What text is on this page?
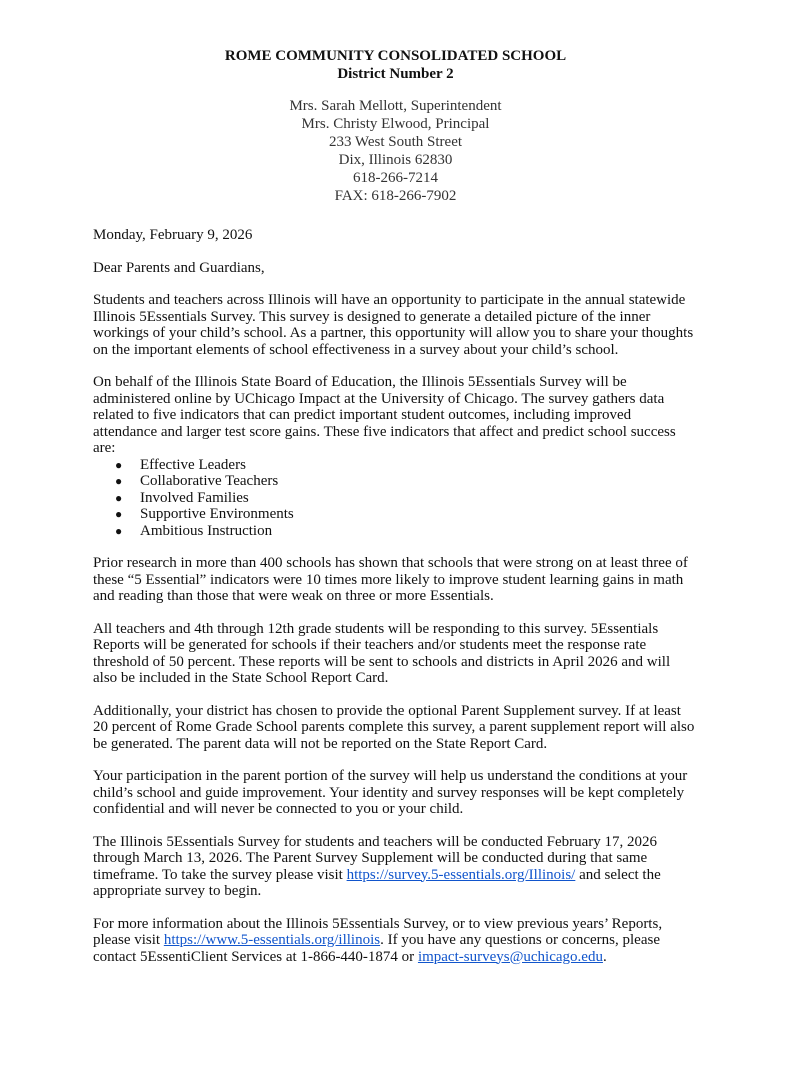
ROME COMMUNITY CONSOLIDATED SCHOOL

District Number 2

Mrs. Sarah Mellott, Superintendent
Mrs. Christy Elwood, Principal
233 West South Street
Dix, Illinois 62830
618-266-7214
FAX: 618-266-7902

Monday, February 9, 2026

Dear Parents and Guardians,

Students and teachers across Illinois will have an opportunity to participate in the annual statewide Illinois 5Essentials Survey. This survey is designed to generate a detailed picture of the inner workings of your child’s school. As a partner, this opportunity will allow you to share your thoughts on the important elements of school effectiveness in a survey about your child’s school.

On behalf of the Illinois State Board of Education, the Illinois 5Essentials Survey will be administered online by UChicago Impact at the University of Chicago. The survey gathers data related to five indicators that can predict important student outcomes, including improved attendance and larger test score gains. These five indicators that affect and predict school success are:

● Effective Leaders
● Collaborative Teachers
● Involved Families
● Supportive Environments
● Ambitious Instruction

Prior research in more than 400 schools has shown that schools that were strong on at least three of these “5 Essential” indicators were 10 times more likely to improve student learning gains in math and reading than those that were weak on three or more Essentials.

All teachers and 4th through 12th grade students will be responding to this survey. 5Essentials Reports will be generated for schools if their teachers and/or students meet the response rate threshold of 50 percent. These reports will be sent to schools and districts in April 2026 and will also be included in the State School Report Card.

Additionally, your district has chosen to provide the optional Parent Supplement survey. If at least 20 percent of Rome Grade School parents complete this survey, a parent supplement report will also be generated. The parent data will not be reported on the State Report Card.

Your participation in the parent portion of the survey will help us understand the conditions at your child’s school and guide improvement. Your identity and survey responses will be kept completely confidential and will never be connected to you or your child.

The Illinois 5Essentials Survey for students and teachers will be conducted February 17, 2026 through March 13, 2026. The Parent Survey Supplement will be conducted during that same timeframe. To take the survey please visit https://survey.5-essentials.org/Illinois/ and select the appropriate survey to begin.

For more information about the Illinois 5Essentials Survey, or to view previous years’ Reports, please visit https://www.5-essentials.org/illinois. If you have any questions or concerns, please contact 5EssentiClient Services at 1-866-440-1874 or impact-surveys@uchicago.edu.
